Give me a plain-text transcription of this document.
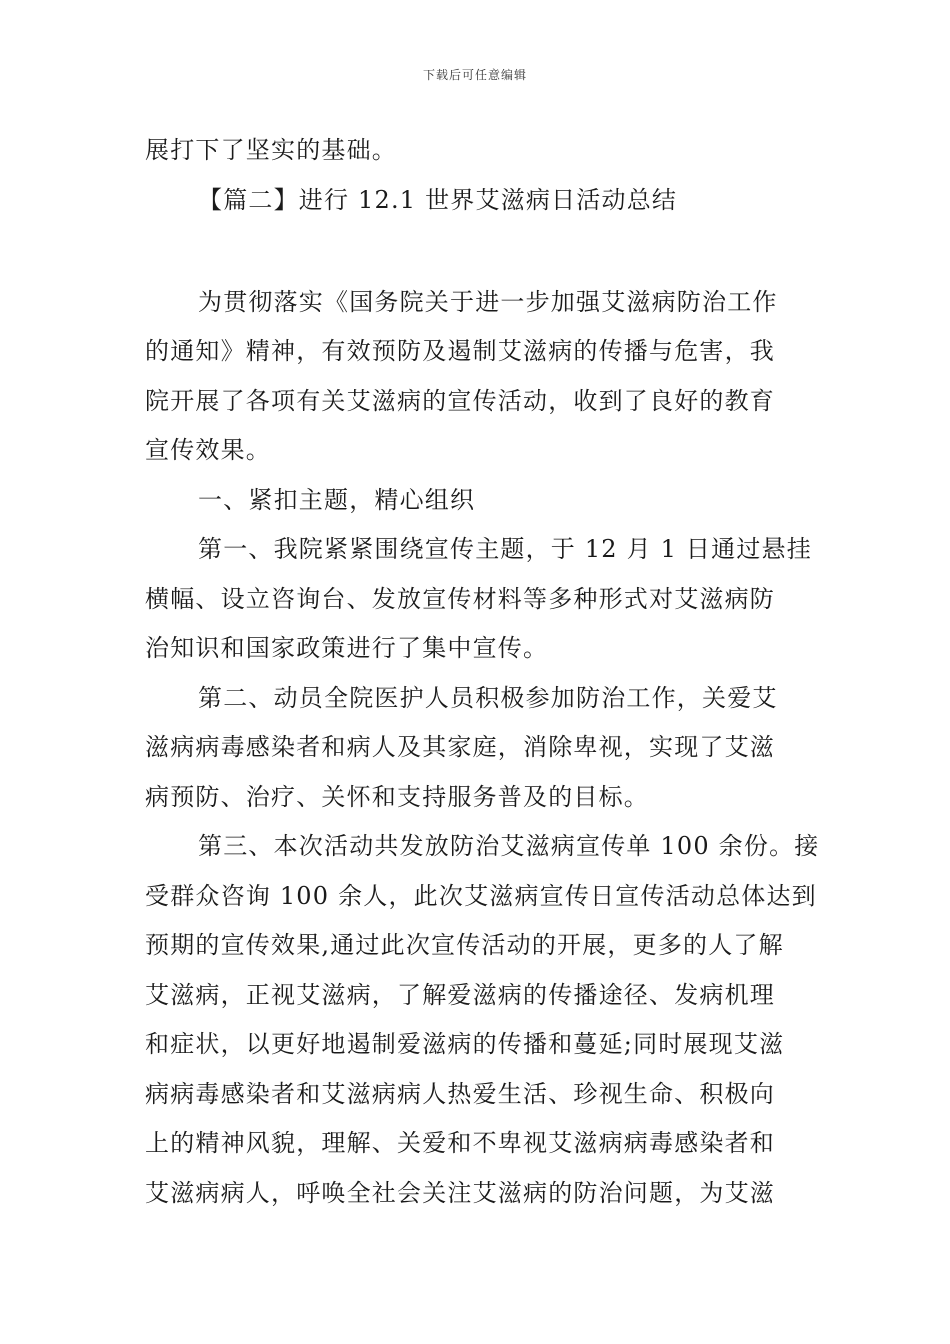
下载后可任意编辑
展打下了坚实的基础。
【篇二】进行 12.1 世界艾滋病日活动总结
为贯彻落实《国务院关于进一步加强艾滋病防治工作
的通知》精神，有效预防及遏制艾滋病的传播与危害，我
院开展了各项有关艾滋病的宣传活动，收到了良好的教育
宣传效果。
一、紧扣主题，精心组织
第一、我院紧紧围绕宣传主题，于 12 月 1 日通过悬挂
横幅、设立咨询台、发放宣传材料等多种形式对艾滋病防
治知识和国家政策进行了集中宣传。
第二、动员全院医护人员积极参加防治工作，关爱艾
滋病病毒感染者和病人及其家庭，消除卑视，实现了艾滋
病预防、治疗、关怀和支持服务普及的目标。
第三、本次活动共发放防治艾滋病宣传单 100 余份。接
受群众咨询 100 余人，此次艾滋病宣传日宣传活动总体达到
预期的宣传效果,通过此次宣传活动的开展，更多的人了解
艾滋病，正视艾滋病，了解爱滋病的传播途径、发病机理
和症状，以更好地遏制爱滋病的传播和蔓延;同时展现艾滋
病病毒感染者和艾滋病病人热爱生活、珍视生命、积极向
上的精神风貌，理解、关爱和不卑视艾滋病病毒感染者和
艾滋病病人，呼唤全社会关注艾滋病的防治问题，为艾滋
